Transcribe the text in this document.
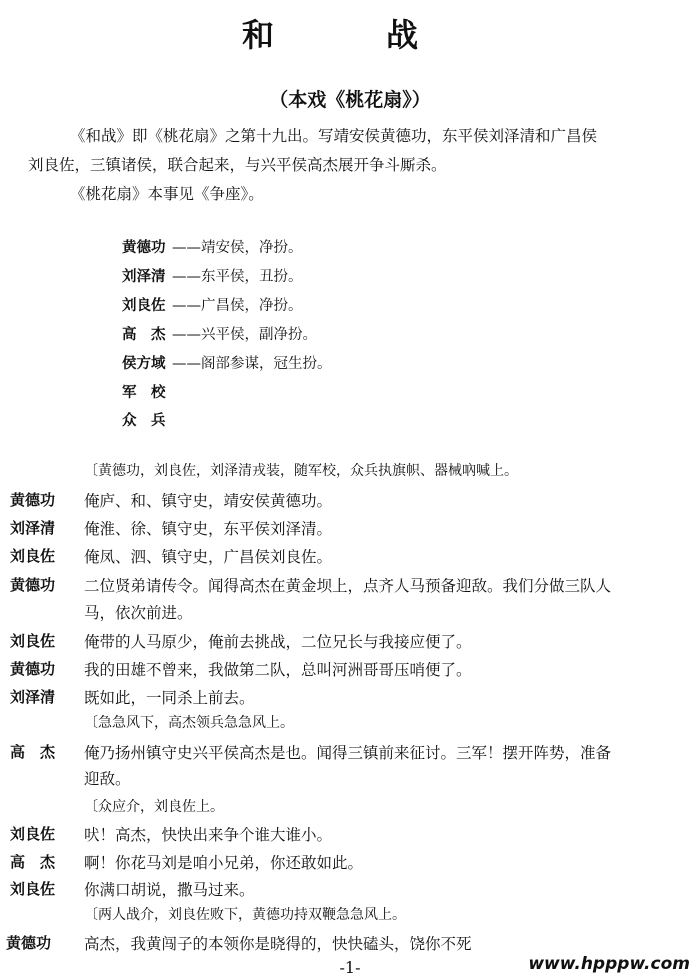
和　战
（本戏《桃花扇》）
《和战》即《桃花扇》之第十九出。写靖安侯黄德功，东平侯刘泽清和广昌侯
刘良佐，三镇诸侯，联合起来，与兴平侯高杰展开争斗厮杀。
《桃花扇》本事见《争座》。
黄德功 ——靖安侯，净扮。
刘泽清 ——东平侯，丑扮。
刘良佐 ——广昌侯，净扮。
高　杰 ——兴平侯，副净扮。
侯方域 ——阁部参谋，冠生扮。
军　校
众　兵
〔黄德功，刘良佐，刘泽清戎装，随军校，众兵执旗帜、器械吶喊上。
黄德功 俺庐、和、镇守史，靖安侯黄德功。
刘泽清 俺淮、徐、镇守史，东平侯刘泽清。
刘良佐 俺凤、泗、镇守史，广昌侯刘良佐。
黄德功 二位贤弟请传令。闻得高杰在黄金坝上，点齐人马预备迎敌。我们分做三队人
马，依次前进。
刘良佐 俺带的人马原少，俺前去挑战，二位兄长与我接应便了。
黄德功 我的田雄不曾来，我做第二队，总叫河洲哥哥压哨便了。
刘泽清 既如此，一同杀上前去。
〔急急风下，高杰领兵急急风上。
高　杰 俺乃扬州镇守史兴平侯高杰是也。闻得三镇前来征讨。三军！摆开阵势，准备
迎敌。
〔众应介，刘良佐上。
刘良佐 吠！高杰，快快出来争个谁大谁小。
高　杰 啊！你花马刘是咱小兄弟，你还敢如此。
刘良佐 你满口胡说，撒马过来。
〔两人战介，刘良佐败下，黄德功持双鞭急急风上。
黄德功 高杰，我黄闯子的本领你是晓得的，快快磕头，饶你不死
-1-	www.hpppw.com
